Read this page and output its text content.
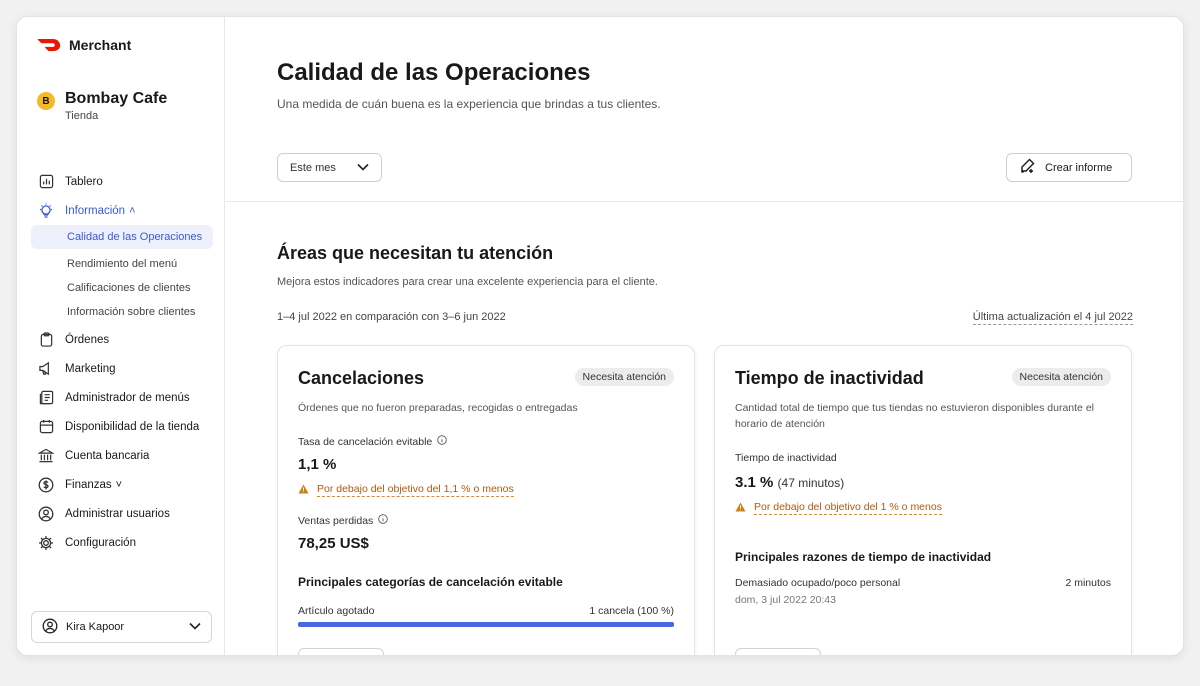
Merchant
B Bombay Cafe
Tienda
Tablero
Información ˄
Calidad de las Operaciones
Rendimiento del menú
Calificaciones de clientes
Información sobre clientes
Órdenes
Marketing
Administrador de menús
Disponibilidad de la tienda
Cuenta bancaria
Finanzas ˅
Administrar usuarios
Configuración
Kira Kapoor
Calidad de las Operaciones

Una medida de cuán buena es la experiencia que brindas a tus clientes.

Este mes	Crear informe
Áreas que necesitan tu atención

Mejora estos indicadores para crear una excelente experiencia para el cliente.

1–4 jul 2022 en comparación con 3–6 jun 2022	Última actualización el 4 jul 2022

Cancelaciones	Necesita atención

Órdenes que no fueron preparadas, recogidas o entregadas

Tasa de cancelación evitable
1,1 %
Por debajo del objetivo del 1,1 % o menos
Ventas perdidas
78,25 US$
Principales categorías de cancelación evitable
Artículo agotado	1 cancela (100 %)
Tiempo de inactividad	Necesita atención

Cantidad total de tiempo que tus tiendas no estuvieron disponibles durante el horario de atención

Tiempo de inactividad
3.1 % (47 minutos)
Por debajo del objetivo del 1 % o menos
Principales razones de tiempo de inactividad
Demasiado ocupado/poco personal	2 minutos
dom, 3 jul 2022 20:43
